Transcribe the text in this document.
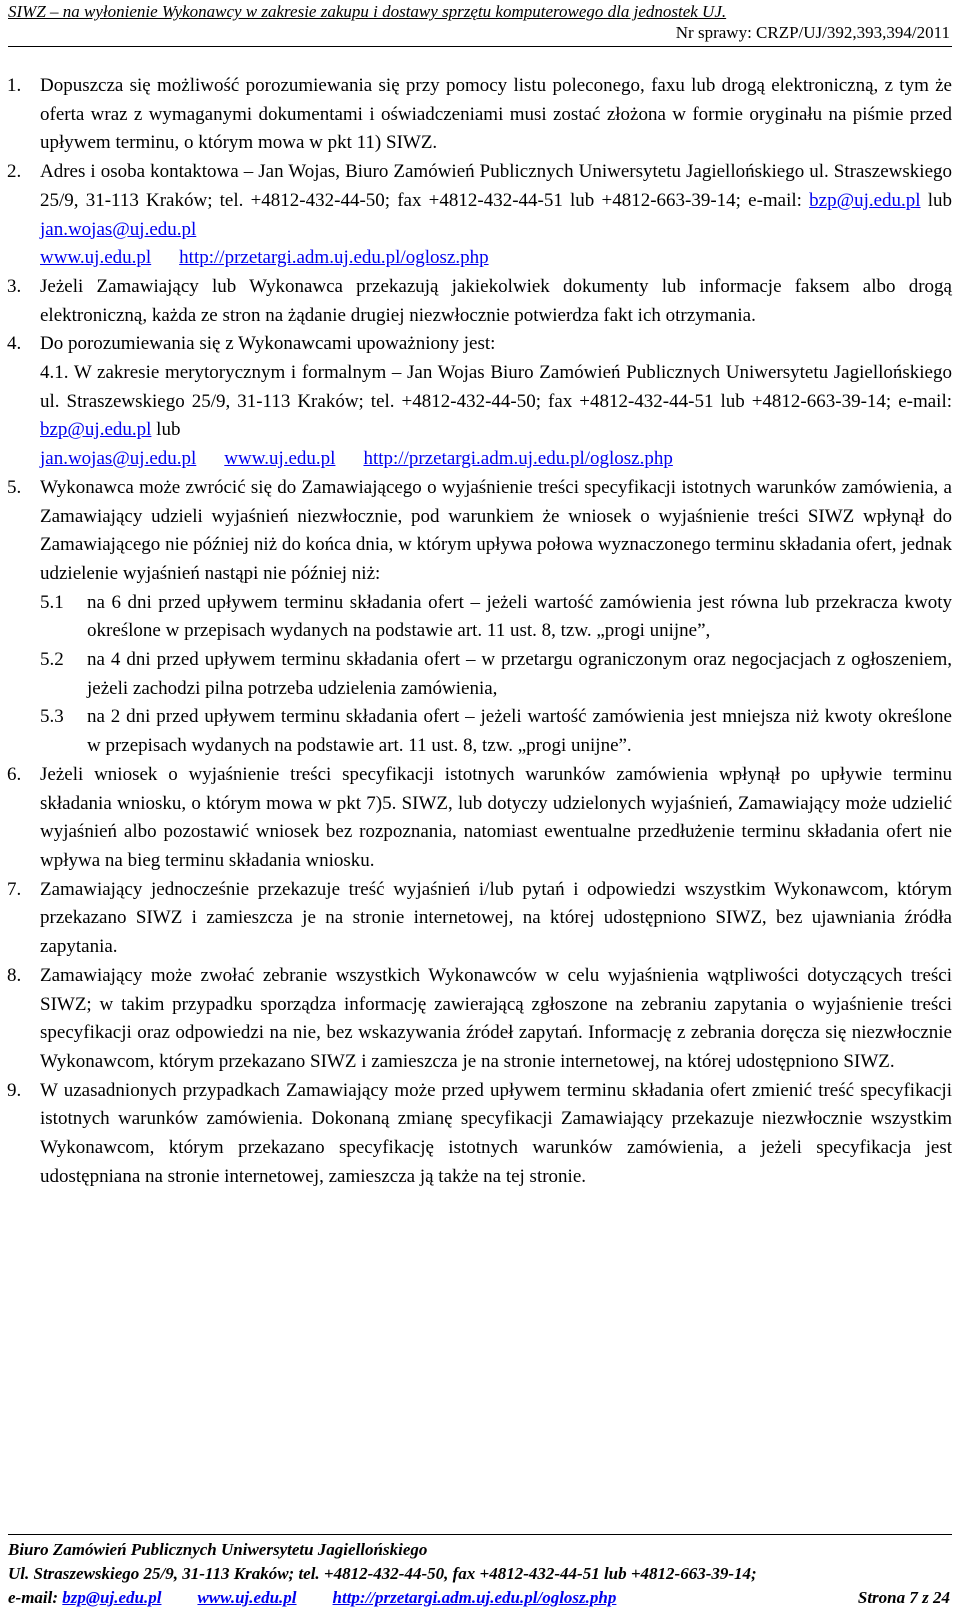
SIWZ – na wyłonienie Wykonawcy w zakresie zakupu i dostawy sprzętu komputerowego dla jednostek UJ.
Nr sprawy: CRZP/UJ/392,393,394/2011
1. Dopuszcza się możliwość porozumiewania się przy pomocy listu poleconego, faxu lub drogą elektroniczną, z tym że oferta wraz z wymaganymi dokumentami i oświadczeniami musi zostać złożona w formie oryginału na piśmie przed upływem terminu, o którym mowa w pkt 11) SIWZ.
2. Adres i osoba kontaktowa – Jan Wojas, Biuro Zamówień Publicznych Uniwersytetu Jagiellońskiego ul. Straszewskiego 25/9, 31-113 Kraków; tel. +4812-432-44-50; fax +4812-432-44-51 lub +4812-663-39-14; e-mail: bzp@uj.edu.pl lub jan.wojas@uj.edu.pl
www.uj.edu.pl http://przetargi.adm.uj.edu.pl/oglosz.php
3. Jeżeli Zamawiający lub Wykonawca przekazują jakiekolwiek dokumenty lub informacje faksem albo drogą elektroniczną, każda ze stron na żądanie drugiej niezwłocznie potwierdza fakt ich otrzymania.
4. Do porozumiewania się z Wykonawcami upoważniony jest:
4.1. W zakresie merytorycznym i formalnym – Jan Wojas Biuro Zamówień Publicznych Uniwersytetu Jagiellońskiego ul. Straszewskiego 25/9, 31-113 Kraków; tel. +4812-432-44-50; fax +4812-432-44-51 lub +4812-663-39-14; e-mail: bzp@uj.edu.pl lub
jan.wojas@uj.edu.pl www.uj.edu.pl http://przetargi.adm.uj.edu.pl/oglosz.php
5. Wykonawca może zwrócić się do Zamawiającego o wyjaśnienie treści specyfikacji istotnych warunków zamówienia, a Zamawiający udzieli wyjaśnień niezwłocznie, pod warunkiem że wniosek o wyjaśnienie treści SIWZ wpłynął do Zamawiającego nie później niż do końca dnia, w którym upływa połowa wyznaczonego terminu składania ofert, jednak udzielenie wyjaśnień nastąpi nie później niż:
5.1 na 6 dni przed upływem terminu składania ofert – jeżeli wartość zamówienia jest równa lub przekracza kwoty określone w przepisach wydanych na podstawie art. 11 ust. 8, tzw. „progi unijne”,
5.2 na 4 dni przed upływem terminu składania ofert – w przetargu ograniczonym oraz negocjacjach z ogłoszeniem, jeżeli zachodzi pilna potrzeba udzielenia zamówienia,
5.3 na 2 dni przed upływem terminu składania ofert – jeżeli wartość zamówienia jest mniejsza niż kwoty określone w przepisach wydanych na podstawie art. 11 ust. 8, tzw. „progi unijne”.
6. Jeżeli wniosek o wyjaśnienie treści specyfikacji istotnych warunków zamówienia wpłynął po upływie terminu składania wniosku, o którym mowa w pkt 7)5. SIWZ, lub dotyczy udzielonych wyjaśnień, Zamawiający może udzielić wyjaśnień albo pozostawić wniosek bez rozpoznania, natomiast ewentualne przedłużenie terminu składania ofert nie wpływa na bieg terminu składania wniosku.
7. Zamawiający jednocześnie przekazuje treść wyjaśnień i/lub pytań i odpowiedzi wszystkim Wykonawcom, którym przekazano SIWZ i zamieszcza je na stronie internetowej, na której udostępniono SIWZ, bez ujawniania źródła zapytania.
8. Zamawiający może zwołać zebranie wszystkich Wykonawców w celu wyjaśnienia wątpliwości dotyczących treści SIWZ; w takim przypadku sporządza informację zawierającą zgłoszone na zebraniu zapytania o wyjaśnienie treści specyfikacji oraz odpowiedzi na nie, bez wskazywania źródeł zapytań. Informację z zebrania doręcza się niezwłocznie Wykonawcom, którym przekazano SIWZ i zamieszcza je na stronie internetowej, na której udostępniono SIWZ.
9. W uzasadnionych przypadkach Zamawiający może przed upływem terminu składania ofert zmienić treść specyfikacji istotnych warunków zamówienia. Dokonaną zmianę specyfikacji Zamawiający przekazuje niezwłocznie wszystkim Wykonawcom, którym przekazano specyfikację istotnych warunków zamówienia, a jeżeli specyfikacja jest udostępniana na stronie internetowej, zamieszcza ją także na tej stronie.
Biuro Zamówień Publicznych Uniwersytetu Jagiellońskiego
Ul. Straszewskiego 25/9, 31-113 Kraków; tel. +4812-432-44-50, fax +4812-432-44-51 lub +4812-663-39-14;
e-mail: bzp@uj.edu.pl www.uj.edu.pl http://przetargi.adm.uj.edu.pl/oglosz.php	Strona 7 z 24
